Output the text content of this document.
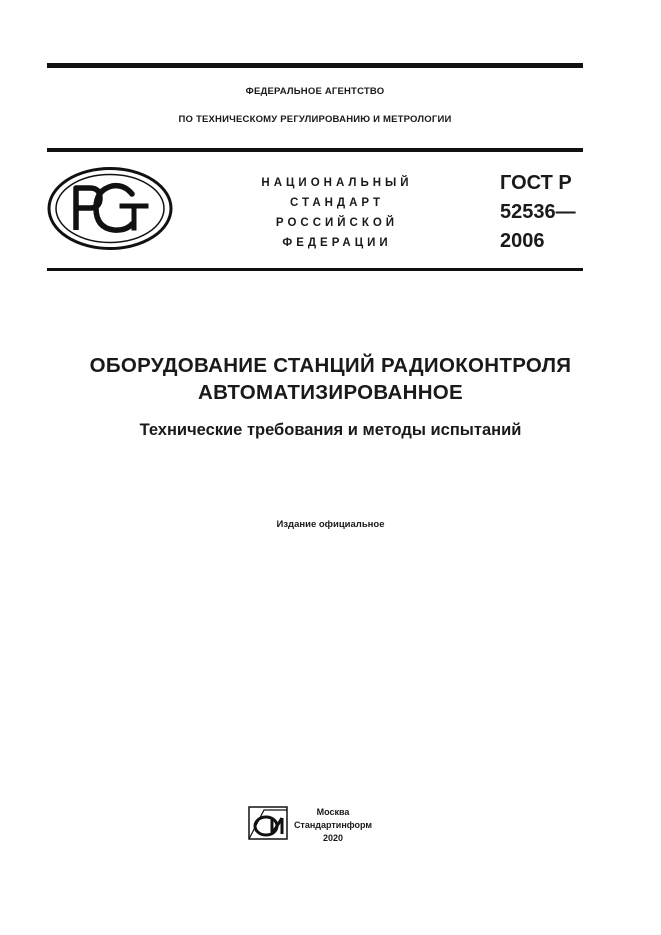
ФЕДЕРАЛЬНОЕ АГЕНТСТВО
ПО ТЕХНИЧЕСКОМУ РЕГУЛИРОВАНИЮ И МЕТРОЛОГИИ
НАЦИОНАЛЬНЫЙ
СТАНДАРТ
РОССИЙСКОЙ
ФЕДЕРАЦИИ
ГОСТ Р
52536—
2006
ОБОРУДОВАНИЕ СТАНЦИЙ РАДИОКОНТРОЛЯ
АВТОМАТИЗИРОВАННОЕ
Технические требования и методы испытаний
Издание официальное
Москва
Стандартинформ
2020
